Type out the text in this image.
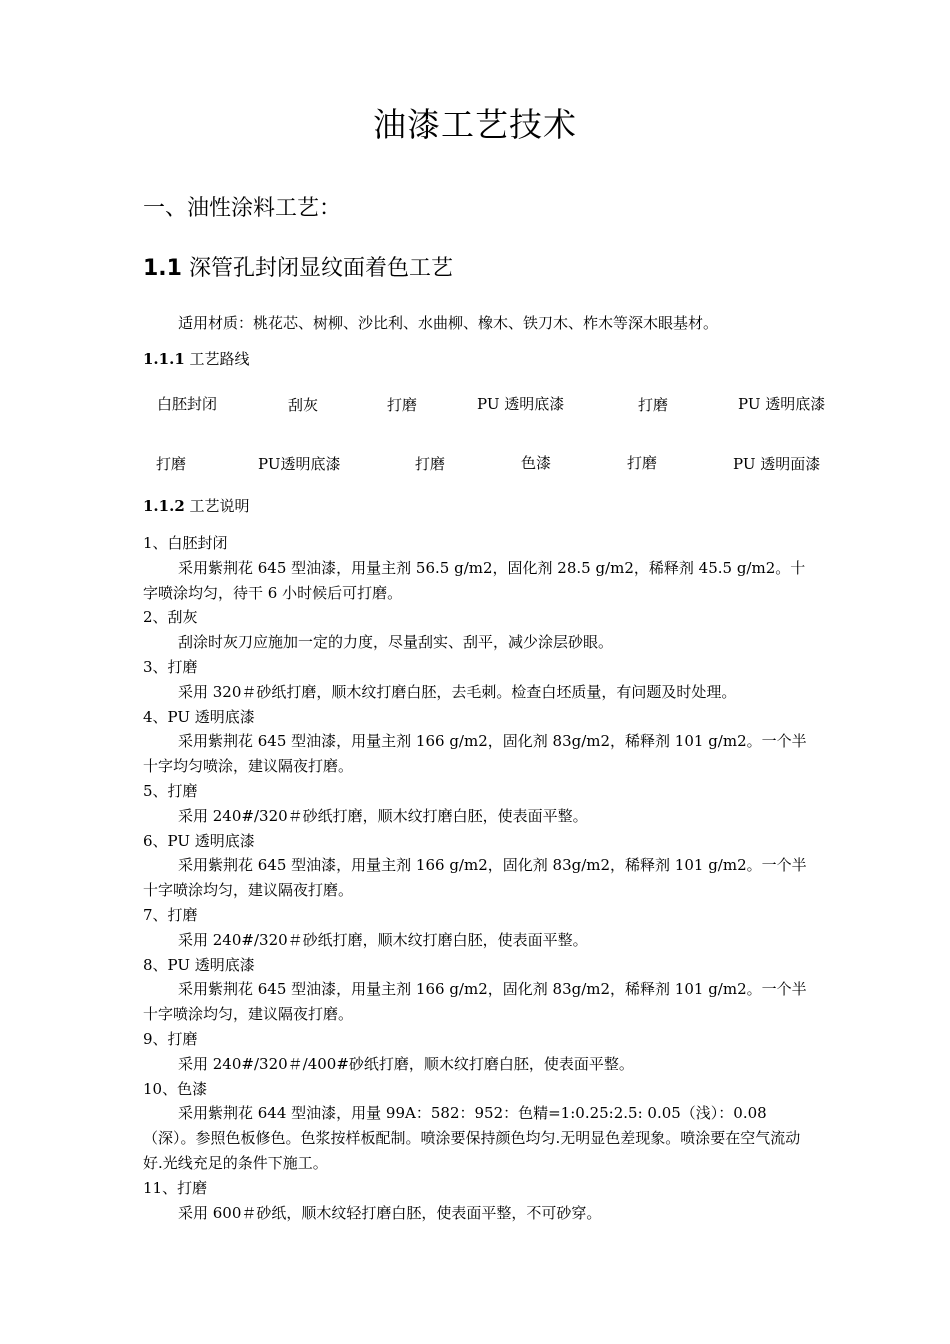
油漆工艺技术
一、油性涂料工艺：
1.1 深管孔封闭显纹面着色工艺
适用材质：桃花芯、树柳、沙比利、水曲柳、橡木、铁刀木、柞木等深木眼基材。
1.1.1 工艺路线
白胚封闭	刮灰	打磨	PU 透明底漆	打磨	PU 透明底漆
打磨	PU透明底漆	打磨	色漆	打磨	PU 透明面漆
1.1.2 工艺说明

1、白胚封闭

采用紫荆花 645 型油漆，用量主剂 56.5 g/m2，固化剂 28.5 g/m2，稀释剂 45.5 g/m2。十字喷涂均匀，待干 6 小时候后可打磨。

2、刮灰

刮涂时灰刀应施加一定的力度，尽量刮实、刮平，减少涂层砂眼。

3、打磨

采用 320＃砂纸打磨，顺木纹打磨白胚，去毛刺。检查白坯质量，有问题及时处理。

4、PU 透明底漆

采用紫荆花 645 型油漆，用量主剂 166 g/m2，固化剂 83g/m2，稀释剂 101 g/m2。一个半十字均匀喷涂，建议隔夜打磨。

5、打磨

采用 240#/320＃砂纸打磨，顺木纹打磨白胚，使表面平整。

6、PU 透明底漆

采用紫荆花 645 型油漆，用量主剂 166 g/m2，固化剂 83g/m2，稀释剂 101 g/m2。一个半十字喷涂均匀，建议隔夜打磨。

7、打磨

采用 240#/320＃砂纸打磨，顺木纹打磨白胚，使表面平整。

8、PU 透明底漆

采用紫荆花 645 型油漆，用量主剂 166 g/m2，固化剂 83g/m2，稀释剂 101 g/m2。一个半十字喷涂均匀，建议隔夜打磨。

9、打磨

采用 240#/320＃/400#砂纸打磨，顺木纹打磨白胚，使表面平整。

10、色漆

采用紫荆花 644 型油漆，用量 99A：582：952：色精=1:0.25:2.5: 0.05（浅）：0.08（深）。参照色板修色。色浆按样板配制。喷涂要保持颜色均匀.无明显色差现象。喷涂要在空气流动好.光线充足的条件下施工。

11、打磨

采用 600＃砂纸，顺木纹轻打磨白胚，使表面平整，不可砂穿。
